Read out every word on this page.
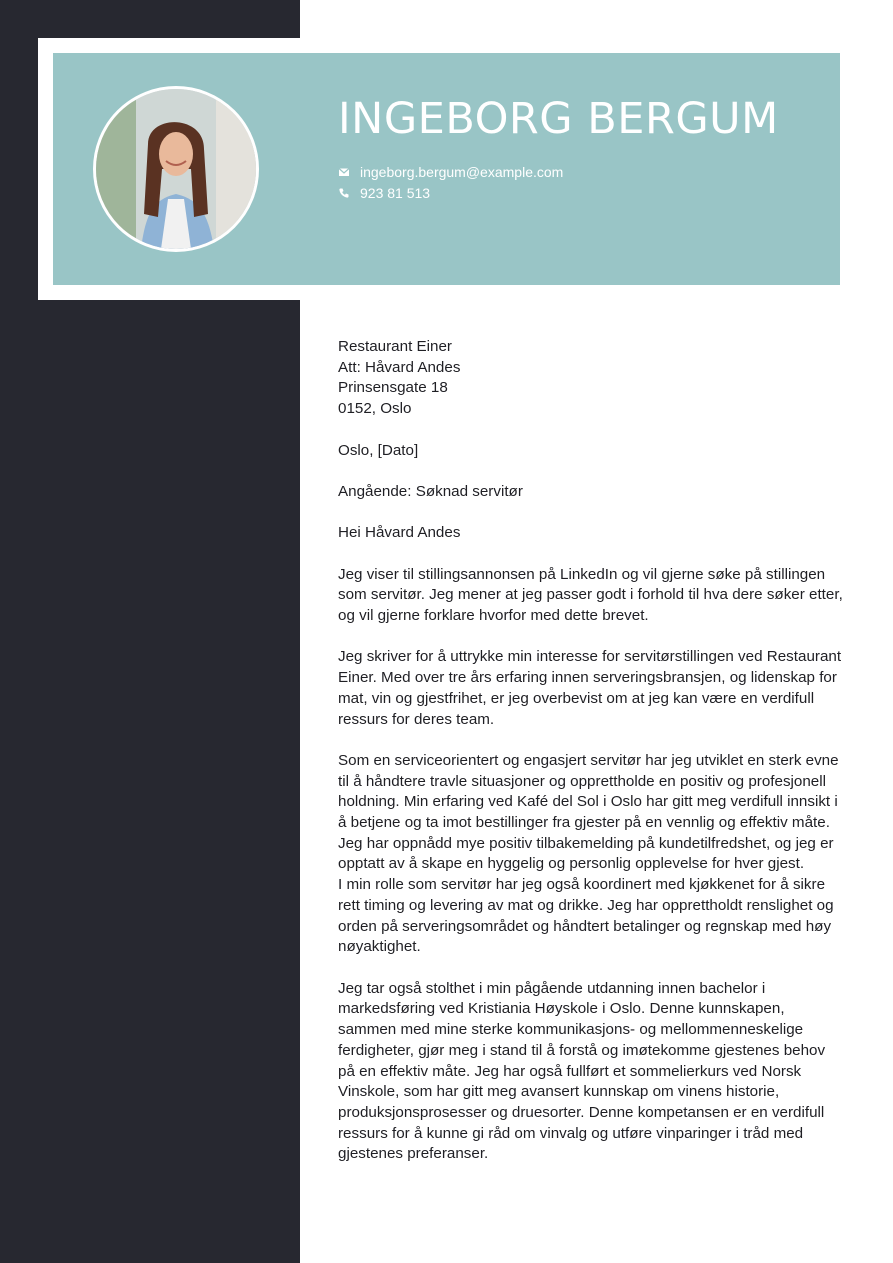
INGEBORG BERGUM
ingeborg.bergum@example.com
923 81 513

Restaurant Einer

Att: Håvard Andes

Prinsensgate 18

0152, Oslo

Oslo, [Dato]

Angående: Søknad servitør

Hei Håvard Andes

Jeg viser til stillingsannonsen på LinkedIn og vil gjerne søke på stillingen som servitør. Jeg mener at jeg passer godt i forhold til hva dere søker etter, og vil gjerne forklare hvorfor med dette brevet.

Jeg skriver for å uttrykke min interesse for servitørstillingen ved Restaurant Einer. Med over tre års erfaring innen serveringsbransjen, og lidenskap for mat, vin og gjestfrihet, er jeg overbevist om at jeg kan være en verdifull ressurs for deres team.

Som en serviceorientert og engasjert servitør har jeg utviklet en sterk evne til å håndtere travle situasjoner og opprettholde en positiv og profesjonell holdning. Min erfaring ved Kafé del Sol i Oslo har gitt meg verdifull innsikt i å betjene og ta imot bestillinger fra gjester på en vennlig og effektiv måte. Jeg har oppnådd mye positiv tilbakemelding på kundetilfredshet, og jeg er opptatt av å skape en hyggelig og personlig opplevelse for hver gjest.

I min rolle som servitør har jeg også koordinert med kjøkkenet for å sikre rett timing og levering av mat og drikke. Jeg har opprettholdt renslighet og orden på serveringsområdet og håndtert betalinger og regnskap med høy nøyaktighet.

Jeg tar også stolthet i min pågående utdanning innen bachelor i markedsføring ved Kristiania Høyskole i Oslo. Denne kunnskapen, sammen med mine sterke kommunikasjons- og mellommenneskelige ferdigheter, gjør meg i stand til å forstå og imøtekomme gjestenes behov på en effektiv måte. Jeg har også fullført et sommelierkurs ved Norsk Vinskole, som har gitt meg avansert kunnskap om vinens historie, produksjonsprosesser og druesorter. Denne kompetansen er en verdifull ressurs for å kunne gi råd om vinvalg og utføre vinparinger i tråd med gjestenes preferanser.
